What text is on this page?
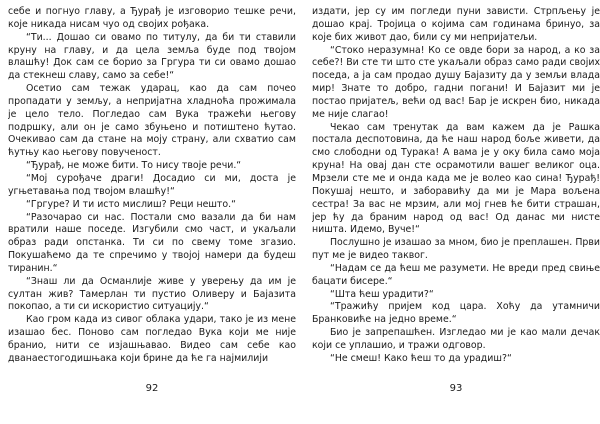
себе и погнуо главу, а Ђурађ је изговорио тешке речи, које никада нисам чуо од својих рођака.

“Ти... Дошао си овамо по титулу, да би ти ставили круну на главу, и да цела земља буде под твојом влашћу! Док сам се борио за Гргура ти си овамо дошао да стекнеш славу, само за себе!“

Осетио сам тежак ударац, као да сам почео пропадати у земљу, а непријатна хладноћа прожимала је цело тело. Погледао сам Вука тражећи његову подршку, али он је само збуњено и потиштено ћутао. Очекивао сам да стане на моју страну, али схватио сам ћутњу као његову повученост.

“Ђурађ, не може бити. То нису твоје речи.“

“Мој сурођаче драги! Досадио си ми, доста је угњетавања под твојом влашћу!“

“Гргуре? И ти исто мислиш? Реци нешто.“

“Разочарао си нас. Постали смо вазали да би нам вратили наше поседе. Изгубили смо част, и укаљали образ ради опстанка. Ти си по свему томе згазио. Покушаћемо да те спречимо у твојој намери да будеш тиранин.“

“Знаш ли да Османлије живе у уверењу да им је султан жив? Тамерлан ти пустио Оливеру и Бајазита покопао, а ти си искористио ситуацију.“

Као гром када из сивог облака удари, тако је из мене изашао бес. Поново сам погледао Вука који ме није бранио, нити се изјашњавао. Видео сам себе као дванаестогодишњака који брине да ће га најмилији

92

издати, јер су им погледи пуни зависти. Стрпљењу је дошао крај. Тројица о којима сам годинама бринуо, за које бих живот дао, били су ми непријатељи.

“Стоко неразумна! Ко се овде бори за народ, а ко за себе?! Ви сте ти што сте укаљали образ само ради својих поседа, а ја сам продао душу Бајазиту да у земљи влада мир! Знате то добро, гадни погани! И Бајазит ми је постао пријатељ, већи од вас! Бар је искрен био, никада ме није слагао!

Чекао сам тренутак да вам кажем да је Рашка постала деспотовина, да ће наш народ боље живети, да смо слободни од Турака! А вама је у оку била само моја круна! На овај дан сте осрамотили вашег великог оца. Мрзели сте ме и онда када ме је волео као сина! Ђурађ! Покушај нешто, и заборавићу да ми је Мара вољена сестра! За вас не мрзим, али мој гнев ће бити страшан, јер ћу да браним народ од вас! Од данас ми нисте ништа. Идемо, Вуче!“

Послушно је изашао за мном, био је преплашен. Први пут ме је видео таквог.

“Надам се да ћеш ме разумети. Не вреди пред свиње бацати бисере.“

“Шта ћеш урадити?“

“Тражићу пријем код цара. Хоћу да утамничи Бранковиће на једно време.“

Био је запрепашћен. Изгледао ми је као мали дечак који се уплашио, и тражи одговор.

“Не смеш! Како ћеш то да урадиш?“

93
